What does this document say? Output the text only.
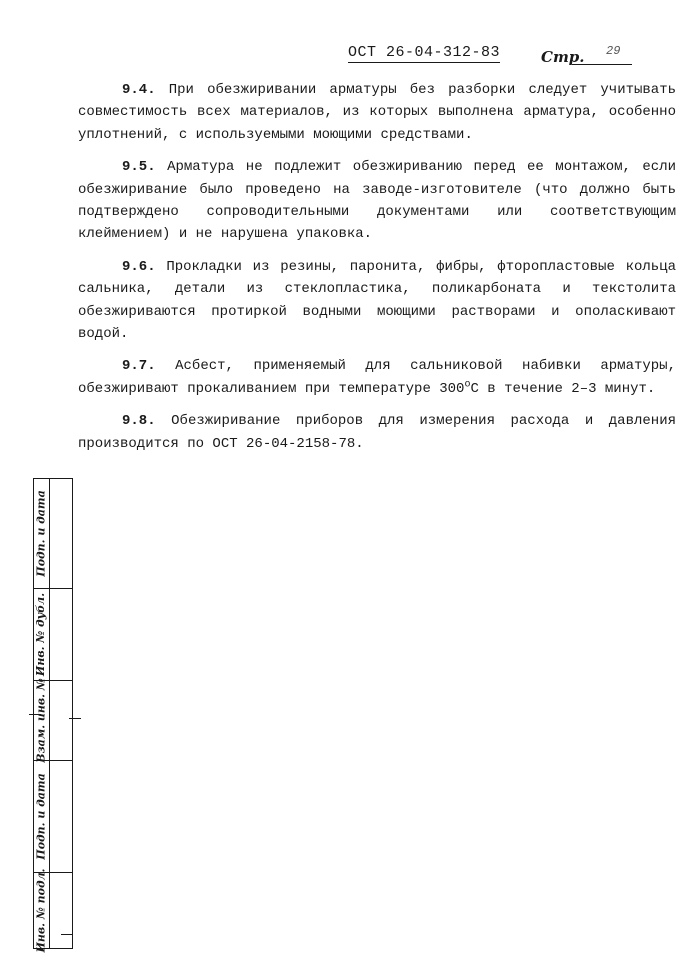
ОСТ 26-04-312-83	Стр. 29

9.4. При обезжиривании арматуры без разборки следует учитывать совместимость всех материалов, из которых выполнена арматура, особенно уплотнений, с используемыми моющими средствами.

9.5. Арматура не подлежит обезжириванию перед ее монтажом, если обезжиривание было проведено на заводе-изготовителе (что должно быть подтверждено сопроводительными документами или соответствующим клеймением) и не нарушена упаковка.

9.6. Прокладки из резины, паронита, фибры, фторопластовые кольца сальника, детали из стеклопластика, поликарбоната и текстолита обезжириваются протиркой водными моющими растворами и ополаскивают водой.

9.7. Асбест, применяемый для сальниковой набивки арматуры, обезжиривают прокаливанием при температуре $300^оС$ в течение 2–3 минут.

9.8. Обезжиривание приборов для измерения расхода и давления производится по ОСТ 26-04-2158-78.

Подп. и дата
Инв. № дубл.
Взам. инв. №
Подп. и дата
Инв. № подл.
